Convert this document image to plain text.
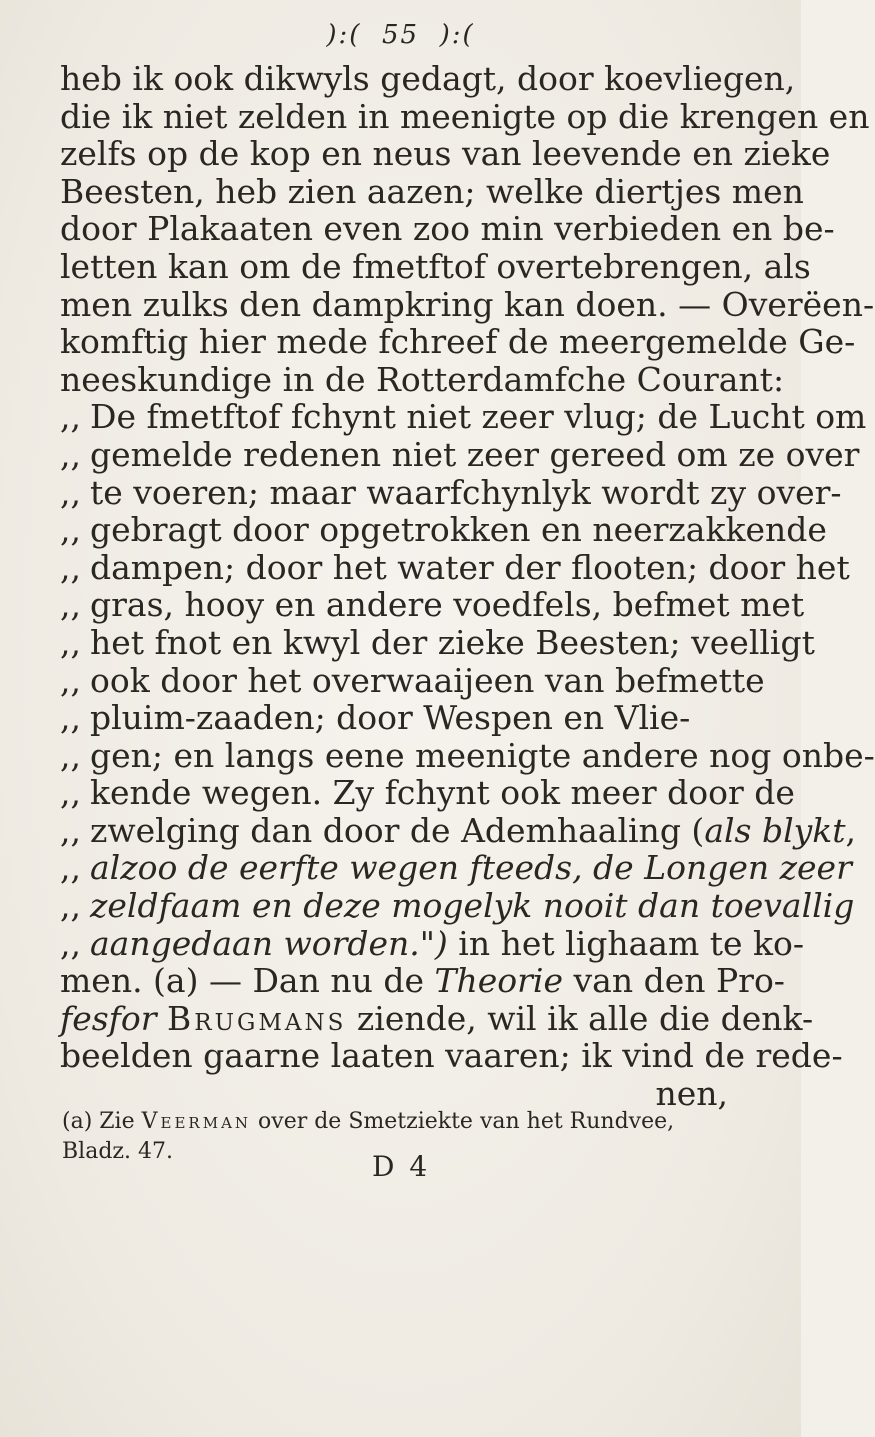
):( 55 ):(
heb ik ook dikwyls gedagt, door koevliegen,
die ik niet zelden in meenigte op die krengen en
zelfs op de kop en neus van leevende en zieke
Beesten, heb zien aazen; welke diertjes men
door Plakaaten even zoo min verbieden en be-
letten kan om de fmetftof overtebrengen, als
men zulks den dampkring kan doen. — Overëen-
komftig hier mede fchreef de meergemelde Ge-
neeskundige in de Rotterdamfche Courant:
,, De fmetftof fchynt niet zeer vlug; de Lucht om
,, gemelde redenen niet zeer gereed om ze over
,, te voeren; maar waarfchynlyk wordt zy over-
,, gebragt door opgetrokken en neerzakkende
,, dampen; door het water der flooten; door het
,, gras, hooy en andere voedfels, befmet met
,, het fnot en kwyl der zieke Beesten; veelligt
,, ook door het overwaaijeen van befmette
,, pluim-zaaden; door Wespen en Vlie-
,, gen; en langs eene meenigte andere nog onbe-
,, kende wegen. Zy fchynt ook meer door de
,, zwelging dan door de Ademhaaling (als blykt,
,, alzoo de eerfte wegen fteeds, de Longen zeer
,, zeldfaam en deze mogelyk nooit dan toevallig
,, aangedaan worden.") in het lighaam te ko-
men. (a) — Dan nu de Theorie van den Pro-
fesfor Brugmans ziende, wil ik alle die denk-
beelden gaarne laaten vaaren; ik vind de rede-
nen,
(a) Zie Veerman over de Smetziekte van het Rundvee,
Bladz. 47.	D 4
